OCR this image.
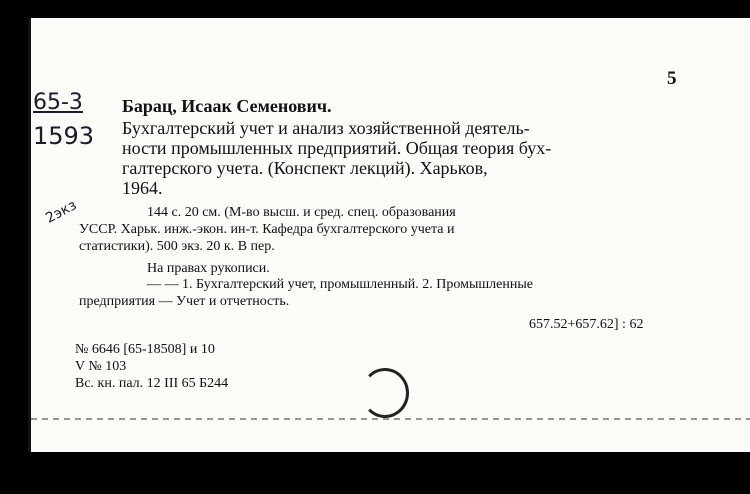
65-3
1593
2экз
5
Барац, Исаак Семенович.
Бухгалтерский учет и анализ хозяйственной деятель-
ности промышленных предприятий. Общая теория бух-
галтерского учета. (Конспект лекций). Харьков,
1964.
144 с. 20 см. (М-во высш. и сред. спец. образования
УССР. Харьк. инж.-экон. ин-т. Кафедра бухгалтерского учета и
статистики). 500 экз. 20 к. В пер.
На правах рукописи.
— — 1. Бухгалтерский учет, промышленный. 2. Промышленные
предприятия — Учет и отчетность.
657.52+657.62] : 62
№ 6646 [65-18508] и 10
V № 103
Вс. кн. пал. 12 III 65 Б244
